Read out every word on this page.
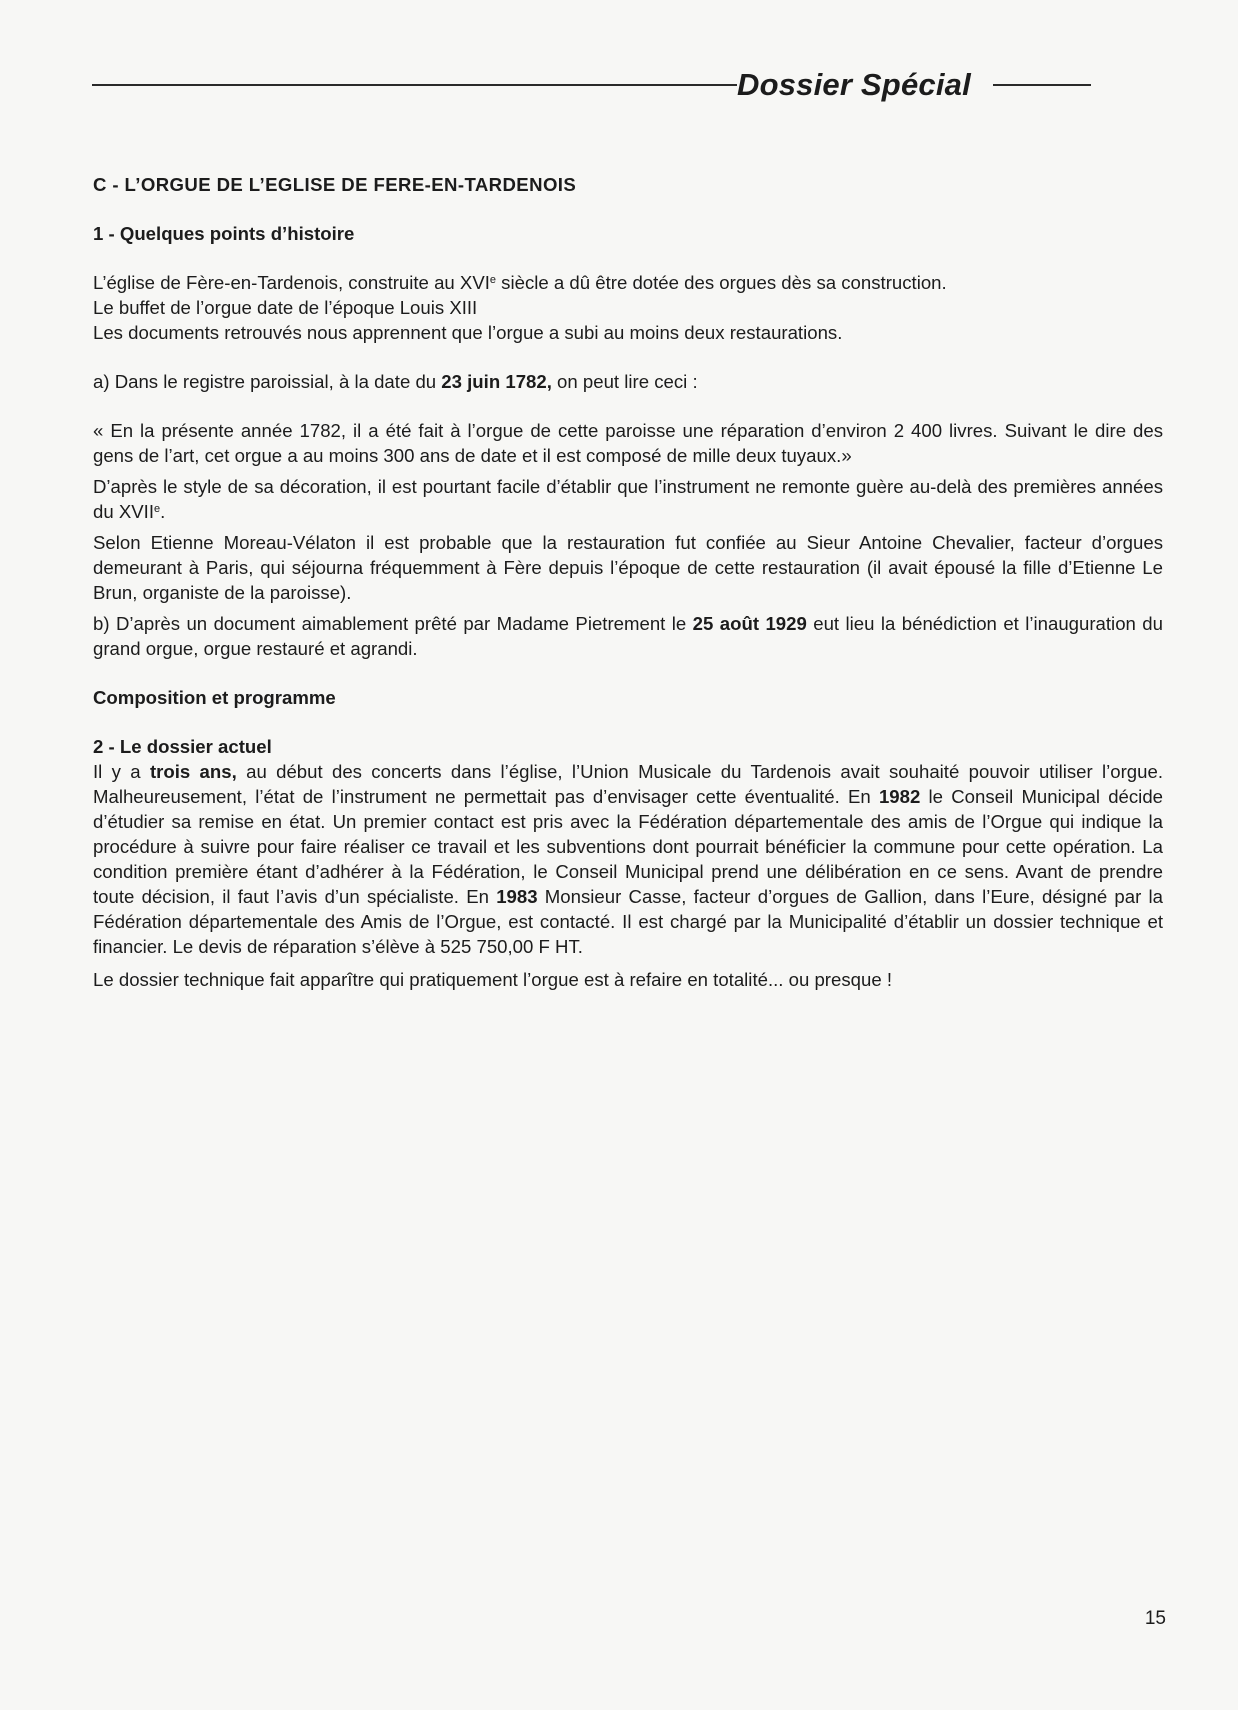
Dossier Spécial
C - L’ORGUE DE L’EGLISE DE FERE-EN-TARDENOIS
1 - Quelques points d’histoire

L’église de Fère-en-Tardenois, construite au XVIe siècle a dû être dotée des orgues dès sa construction.

Le buffet de l’orgue date de l’époque Louis XIII

Les documents retrouvés nous apprennent que l’orgue a subi au moins deux restaurations.

a) Dans le registre paroissial, à la date du 23 juin 1782, on peut lire ceci :

« En la présente année 1782, il a été fait à l’orgue de cette paroisse une réparation d’environ 2 400 livres. Suivant le dire des gens de l’art, cet orgue a au moins 300 ans de date et il est composé de mille deux tuyaux.»

D’après le style de sa décoration, il est pourtant facile d’établir que l’instrument ne remonte guère au-delà des premières années du XVIIe.

Selon Etienne Moreau-Vélaton il est probable que la restauration fut confiée au Sieur Antoine Chevalier, facteur d’orgues demeurant à Paris, qui séjourna fréquemment à Fère depuis l’époque de cette restauration (il avait épousé la fille d’Etienne Le Brun, organiste de la paroisse).

b) D’après un document aimablement prêté par Madame Pietrement le 25 août 1929 eut lieu la bénédiction et l’inauguration du grand orgue, orgue restauré et agrandi.

Composition et programme
2 - Le dossier actuel

Il y a trois ans, au début des concerts dans l’église, l’Union Musicale du Tardenois avait souhaité pouvoir utiliser l’orgue. Malheureusement, l’état de l’instrument ne permettait pas d’envisager cette éventualité. En 1982 le Conseil Municipal décide d’étudier sa remise en état. Un premier contact est pris avec la Fédération départementale des amis de l’Orgue qui indique la procédure à suivre pour faire réaliser ce travail et les subventions dont pourrait bénéficier la commune pour cette opération. La condition première étant d’adhérer à la Fédération, le Conseil Municipal prend une délibération en ce sens. Avant de prendre toute décision, il faut l’avis d’un spécialiste. En 1983 Monsieur Casse, facteur d’orgues de Gallion, dans l’Eure, désigné par la Fédération départementale des Amis de l’Orgue, est contacté. Il est chargé par la Municipalité d’établir un dossier technique et financier. Le devis de réparation s’élève à 525 750,00 F HT.

Le dossier technique fait apparître qui pratiquement l’orgue est à refaire en totalité... ou presque !

15
